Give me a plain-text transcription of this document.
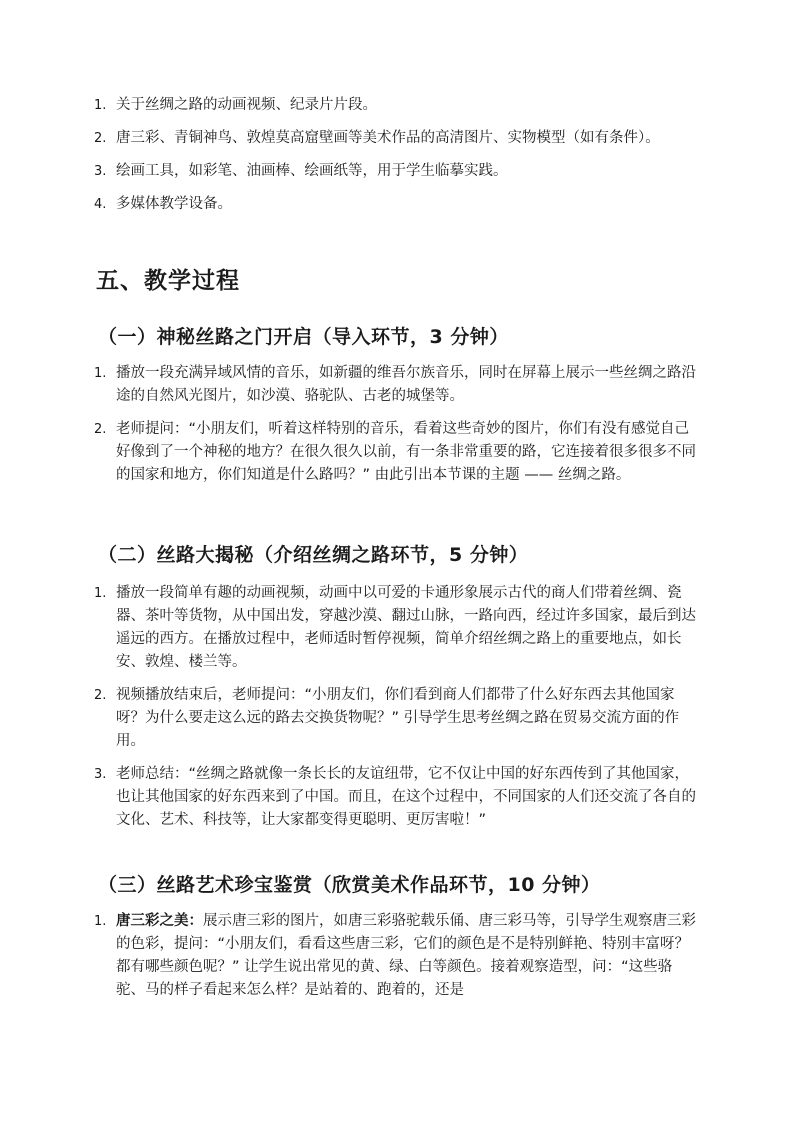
1. 关于丝绸之路的动画视频、纪录片片段。
2. 唐三彩、青铜神鸟、敦煌莫高窟壁画等美术作品的高清图片、实物模型（如有条件）。
3. 绘画工具，如彩笔、油画棒、绘画纸等，用于学生临摹实践。
4. 多媒体教学设备。
五、教学过程
（一）神秘丝路之门开启（导入环节，3 分钟）
1. 播放一段充满异域风情的音乐，如新疆的维吾尔族音乐，同时在屏幕上展示一些丝绸之路沿途的自然风光图片，如沙漠、骆驼队、古老的城堡等。
2. 老师提问：“小朋友们，听着这样特别的音乐，看着这些奇妙的图片，你们有没有感觉自己好像到了一个神秘的地方？在很久很久以前，有一条非常重要的路，它连接着很多很多不同的国家和地方，你们知道是什么路吗？” 由此引出本节课的主题 —— 丝绸之路。
（二）丝路大揭秘（介绍丝绸之路环节，5 分钟）
1. 播放一段简单有趣的动画视频，动画中以可爱的卡通形象展示古代的商人们带着丝绸、瓷器、茶叶等货物，从中国出发，穿越沙漠、翻过山脉，一路向西，经过许多国家，最后到达遥远的西方。在播放过程中，老师适时暂停视频，简单介绍丝绸之路上的重要地点，如长安、敦煌、楼兰等。
2. 视频播放结束后，老师提问：“小朋友们，你们看到商人们都带了什么好东西去其他国家呀？为什么要走这么远的路去交换货物呢？” 引导学生思考丝绸之路在贸易交流方面的作用。
3. 老师总结：“丝绸之路就像一条长长的友谊纽带，它不仅让中国的好东西传到了其他国家，也让其他国家的好东西来到了中国。而且，在这个过程中，不同国家的人们还交流了各自的文化、艺术、科技等，让大家都变得更聪明、更厉害啦！”
（三）丝路艺术珍宝鉴赏（欣赏美术作品环节，10 分钟）
1. 唐三彩之美：展示唐三彩的图片，如唐三彩骆驼载乐俑、唐三彩马等，引导学生观察唐三彩的色彩，提问：“小朋友们，看看这些唐三彩，它们的颜色是不是特别鲜艳、特别丰富呀？都有哪些颜色呢？” 让学生说出常见的黄、绿、白等颜色。接着观察造型，问：“这些骆驼、马的样子看起来怎么样？是站着的、跑着的，还是
